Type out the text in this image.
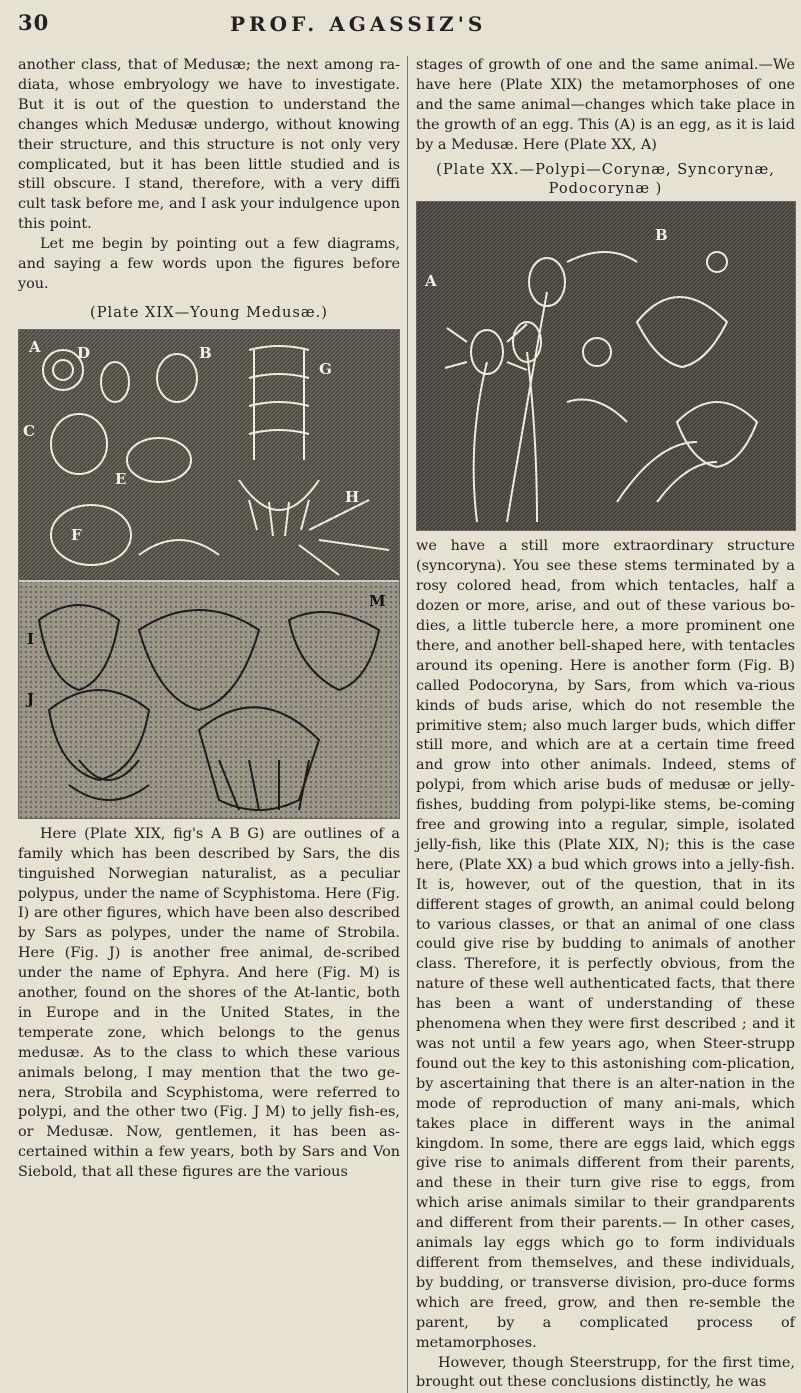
30	PROF. AGASSIZ'S

another class, that of Medusæ; the next among ra-diata, whose embryology we have to investigate. But it is out of the question to understand the changes which Medusæ undergo, without knowing their structure, and this structure is not only very complicated, but it has been little studied and is still obscure. I stand, therefore, with a very diffi cult task before me, and I ask your indulgence upon this point.

Let me begin by pointing out a few diagrams, and saying a few words upon the figures before you.

(Plate XIX—Young Medusæ.)
A D	B
G
C
E
H
F
I
J
M

Here (Plate XIX, fig's A B G) are outlines of a family which has been described by Sars, the dis tinguished Norwegian naturalist, as a peculiar polypus, under the name of Scyphistoma. Here (Fig. I) are other figures, which have been also described by Sars as polypes, under the name of Strobila. Here (Fig. J) is another free animal, de-scribed under the name of Ephyra. And here (Fig. M) is another, found on the shores of the At-lantic, both in Europe and in the United States, in the temperate zone, which belongs to the genus medusæ. As to the class to which these various animals belong, I may mention that the two ge-nera, Strobila and Scyphistoma, were referred to polypi, and the other two (Fig. J M) to jelly fish-es, or Medusæ. Now, gentlemen, it has been as-certained within a few years, both by Sars and Von Siebold, that all these figures are the various

stages of growth of one and the same animal.—We have here (Plate XIX) the metamorphoses of one and the same animal—changes which take place in the growth of an egg. This (A) is an egg, as it is laid by a Medusæ. Here (Plate XX, A)

(Plate XX.—Polypi—Corynæ, Syncorynæ, Podocorynæ )
A
B

we have a still more extraordinary structure (syncoryna). You see these stems terminated by a rosy colored head, from which tentacles, half a dozen or more, arise, and out of these various bo-dies, a little tubercle here, a more prominent one there, and another bell-shaped here, with tentacles around its opening. Here is another form (Fig. B) called Podocoryna, by Sars, from which va-rious kinds of buds arise, which do not resemble the primitive stem; also much larger buds, which differ still more, and which are at a certain time freed and grow into other animals. Indeed, stems of polypi, from which arise buds of medusæ or jelly-fishes, budding from polypi-like stems, be-coming free and growing into a regular, simple, isolated jelly-fish, like this (Plate XIX, N); this is the case here, (Plate XX) a bud which grows into a jelly-fish. It is, however, out of the question, that in its different stages of growth, an animal could belong to various classes, or that an animal of one class could give rise by budding to animals of another class. Therefore, it is perfectly obvious, from the nature of these well authenticated facts, that there has been a want of understanding of these phenomena when they were first described ; and it was not until a few years ago, when Steer-strupp found out the key to this astonishing com-plication, by ascertaining that there is an alter-nation in the mode of reproduction of many ani-mals, which takes place in different ways in the animal kingdom. In some, there are eggs laid, which eggs give rise to animals different from their parents, and these in their turn give rise to eggs, from which arise animals similar to their grandparents and different from their parents.— In other cases, animals lay eggs which go to form individuals different from themselves, and these individuals, by budding, or transverse division, pro-duce forms which are freed, grow, and then re-semble the parent, by a complicated process of metamorphoses.

However, though Steerstrupp, for the first time, brought out these conclusions distinctly, he was
